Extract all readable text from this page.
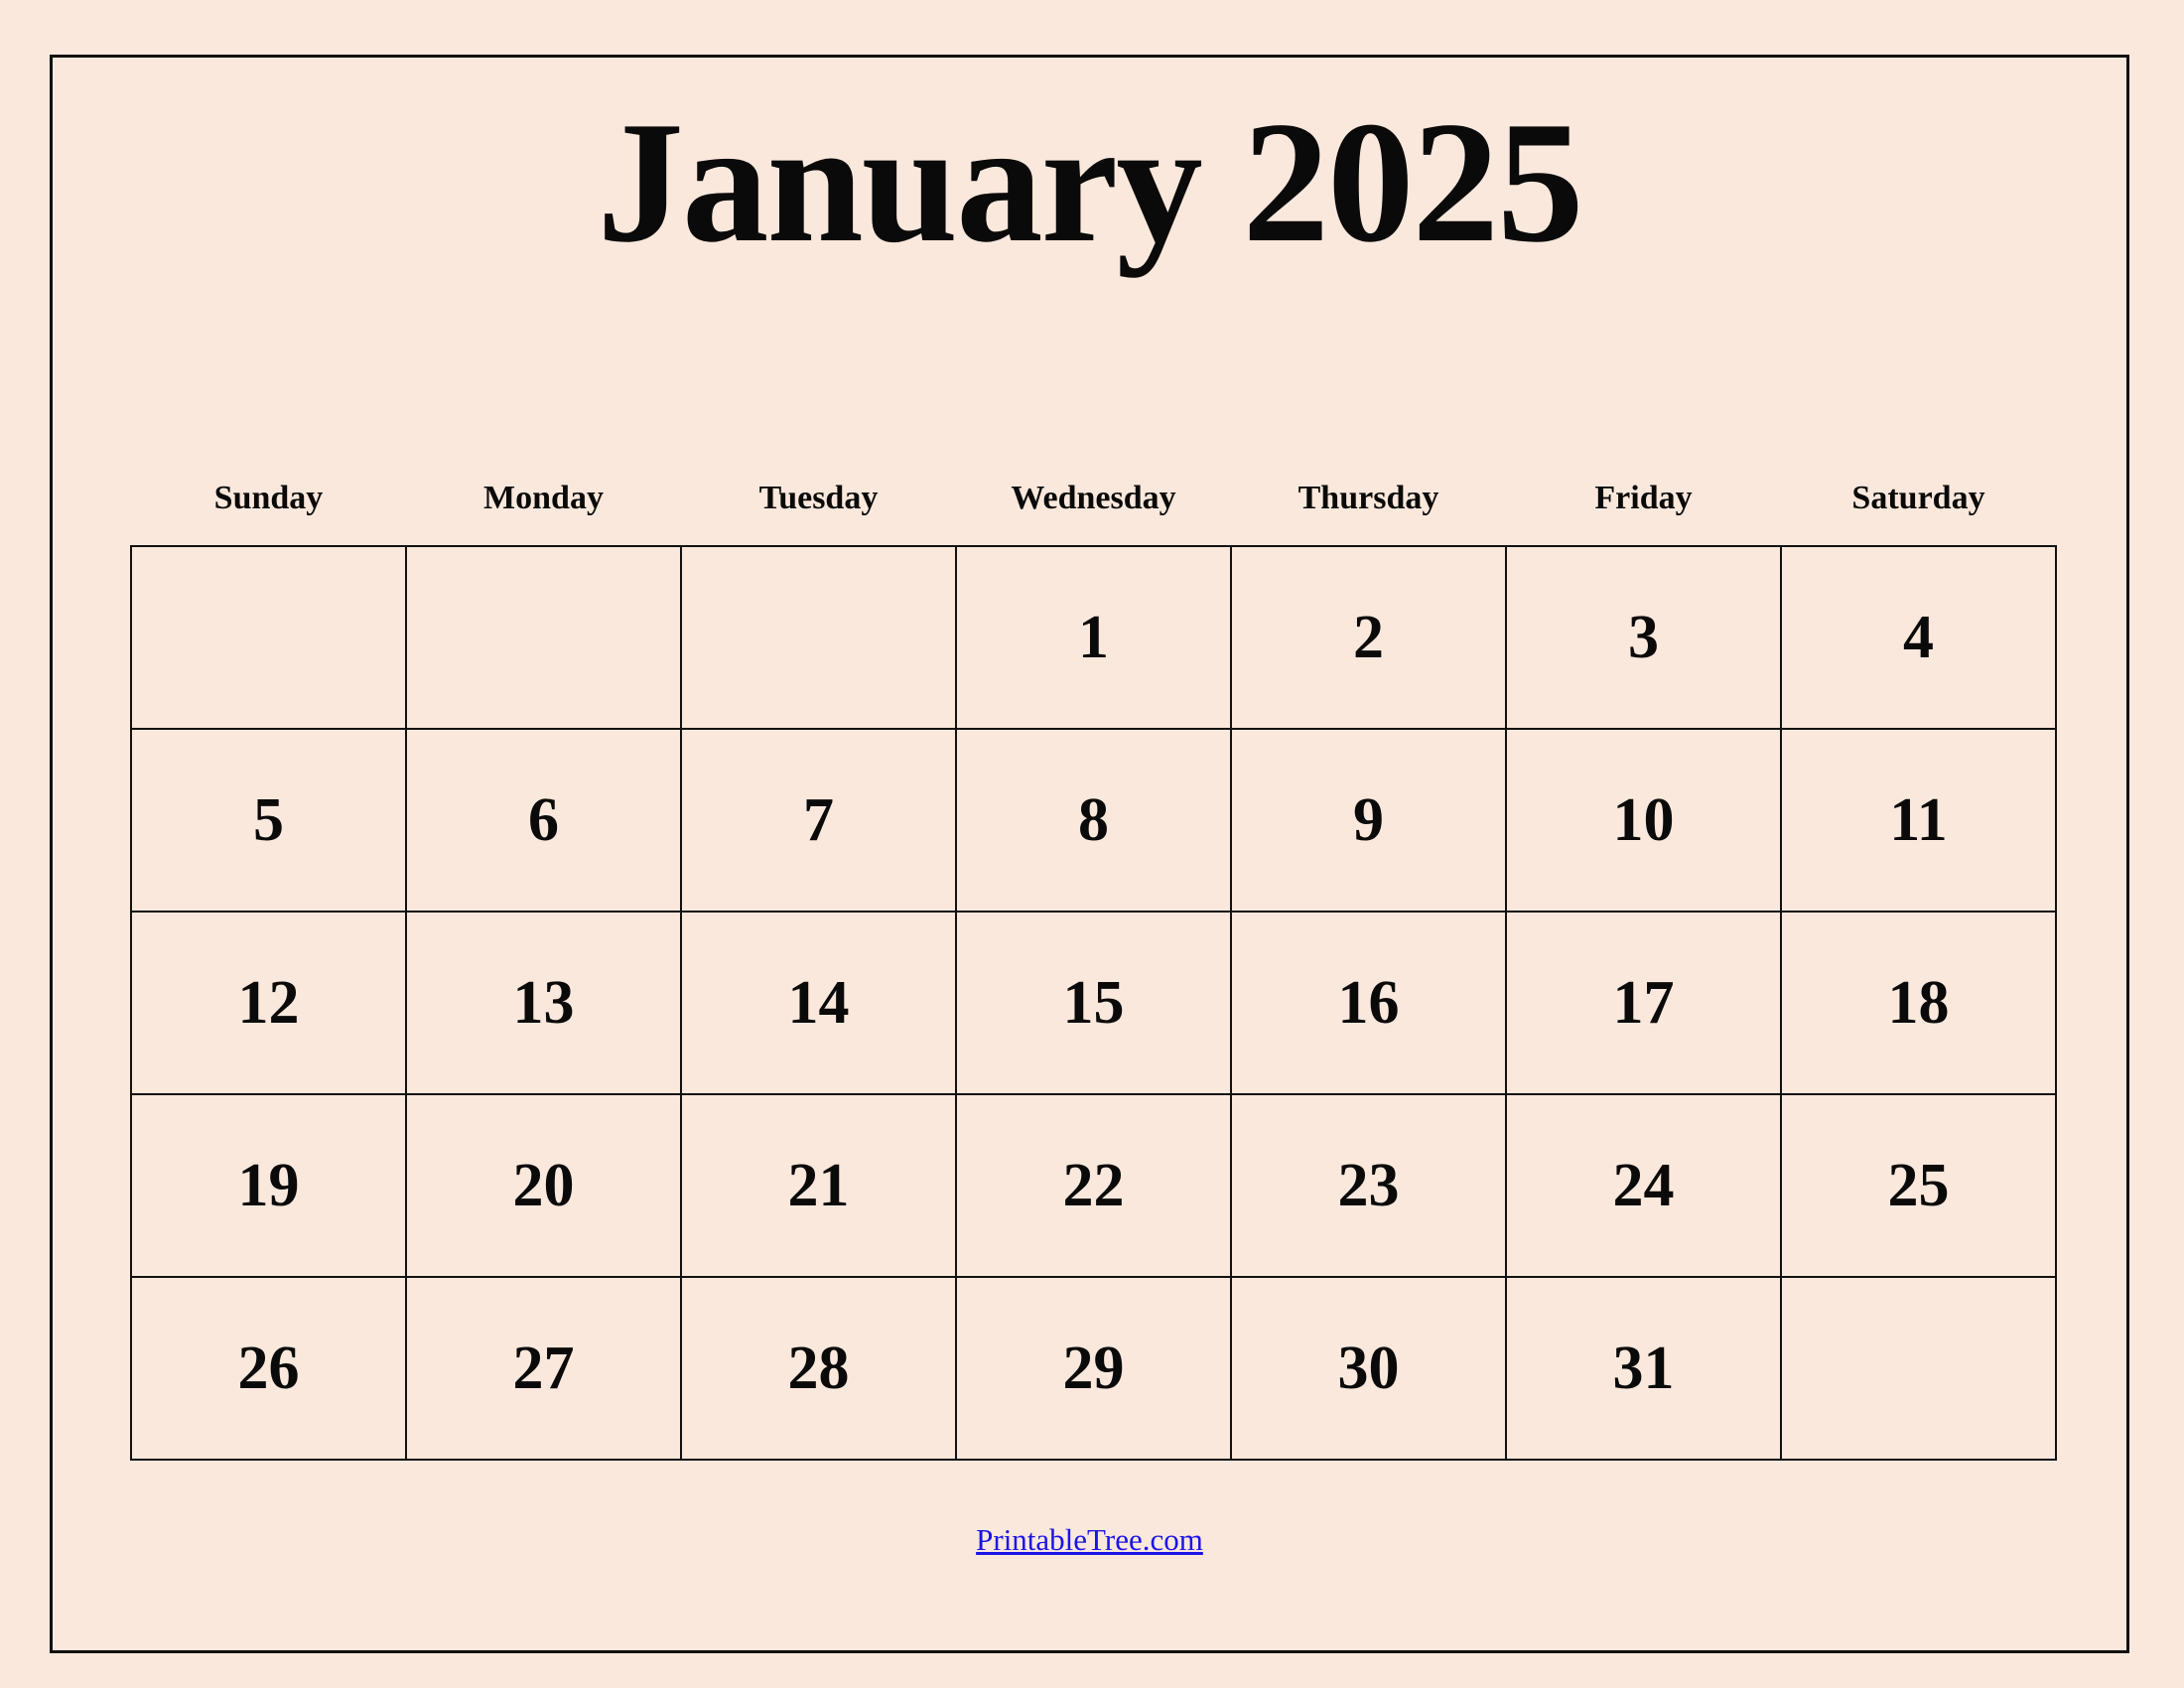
January 2025
Sunday	Monday	Tuesday	Wednesday	Thursday	Friday	Saturday
			1	2	3	4
5	6	7	8	9	10	11
12	13	14	15	16	17	18
19	20	21	22	23	24	25
26	27	28	29	30	31	
PrintableTree.com
